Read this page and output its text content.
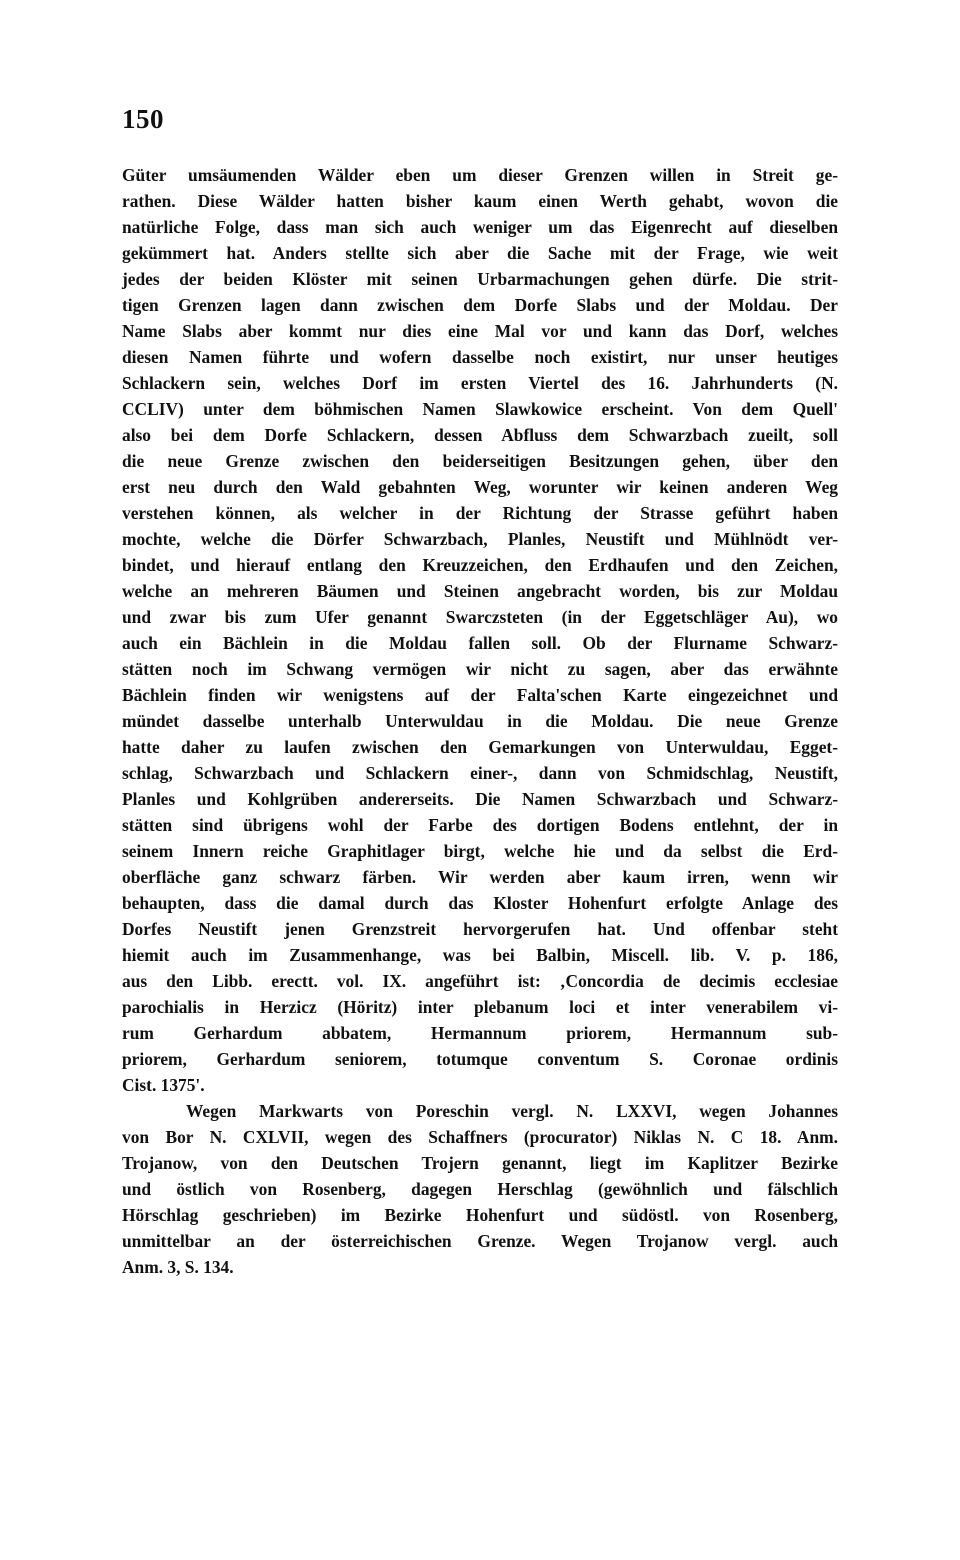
150
Güter umsäumenden Wälder eben um dieser Grenzen willen in Streit ge-
rathen. Diese Wälder hatten bisher kaum einen Werth gehabt, wovon die
natürliche Folge, dass man sich auch weniger um das Eigenrecht auf dieselben
gekümmert hat. Anders stellte sich aber die Sache mit der Frage, wie weit
jedes der beiden Klöster mit seinen Urbarmachungen gehen dürfe. Die strit-
tigen Grenzen lagen dann zwischen dem Dorfe Slabs und der Moldau. Der
Name Slabs aber kommt nur dies eine Mal vor und kann das Dorf, welches
diesen Namen führte und wofern dasselbe noch existirt, nur unser heutiges
Schlackern sein, welches Dorf im ersten Viertel des 16. Jahrhunderts (N.
CCLIV) unter dem böhmischen Namen Slawkowice erscheint. Von dem Quell'
also bei dem Dorfe Schlackern, dessen Abfluss dem Schwarzbach zueilt, soll
die neue Grenze zwischen den beiderseitigen Besitzungen gehen, über den
erst neu durch den Wald gebahnten Weg, worunter wir keinen anderen Weg
verstehen können, als welcher in der Richtung der Strasse geführt haben
mochte, welche die Dörfer Schwarzbach, Planles, Neustift und Mühlnödt ver-
bindet, und hierauf entlang den Kreuzzeichen, den Erdhaufen und den Zeichen,
welche an mehreren Bäumen und Steinen angebracht worden, bis zur Moldau
und zwar bis zum Ufer genannt Swarczsteten (in der Eggetschläger Au), wo
auch ein Bächlein in die Moldau fallen soll. Ob der Flurname Schwarz-
stätten noch im Schwang vermögen wir nicht zu sagen, aber das erwähnte
Bächlein finden wir wenigstens auf der Falta'schen Karte eingezeichnet und
mündet dasselbe unterhalb Unterwuldau in die Moldau. Die neue Grenze
hatte daher zu laufen zwischen den Gemarkungen von Unterwuldau, Egget-
schlag, Schwarzbach und Schlackern einer-, dann von Schmidschlag, Neustift,
Planles und Kohlgrüben andererseits. Die Namen Schwarzbach und Schwarz-
stätten sind übrigens wohl der Farbe des dortigen Bodens entlehnt, der in
seinem Innern reiche Graphitlager birgt, welche hie und da selbst die Erd-
oberfläche ganz schwarz färben. Wir werden aber kaum irren, wenn wir
behaupten, dass die damal durch das Kloster Hohenfurt erfolgte Anlage des
Dorfes Neustift jenen Grenzstreit hervorgerufen hat. Und offenbar steht
hiemit auch im Zusammenhange, was bei Balbin, Miscell. lib. V. p. 186,
aus den Libb. erectt. vol. IX. angeführt ist: ‚Concordia de decimis ecclesiae
parochialis in Herzicz (Höritz) inter plebanum loci et inter venerabilem vi-
rum Gerhardum abbatem, Hermannum priorem, Hermannum sub-
priorem, Gerhardum seniorem, totumque conventum S. Coronae ordinis
Cist. 1375'.
Wegen Markwarts von Poreschin vergl. N. LXXVI, wegen Johannes
von Bor N. CXLVII, wegen des Schaffners (procurator) Niklas N. C 18. Anm.
Trojanow, von den Deutschen Trojern genannt, liegt im Kaplitzer Bezirke
und östlich von Rosenberg, dagegen Herschlag (gewöhnlich und fälschlich
Hörschlag geschrieben) im Bezirke Hohenfurt und südöstl. von Rosenberg,
unmittelbar an der österreichischen Grenze. Wegen Trojanow vergl. auch
Anm. 3, S. 134.
